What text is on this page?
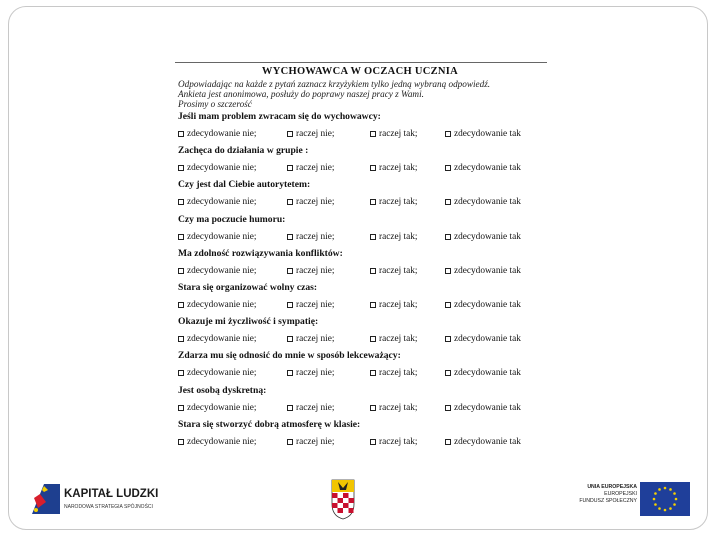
WYCHOWAWCA W OCZACH UCZNIA
Odpowiadając na każde z pytań zaznacz krzyżykiem tylko jedną wybraną odpowiedź.
Ankieta jest anonimowa, posłuży do poprawy naszej pracy z Wami.
Prosimy o szczerość
Jeśli mam problem zwracam się do wychowawcy:
zdecydowanie nie;	raczej nie;	raczej tak;	zdecydowanie tak
Zachęca do działania w grupie :
zdecydowanie nie;	raczej nie;	raczej tak;	zdecydowanie tak
Czy jest dal Ciebie autorytetem:
zdecydowanie nie;	raczej nie;	raczej tak;	zdecydowanie tak
Czy ma poczucie humoru:
zdecydowanie nie;	raczej nie;	raczej tak;	zdecydowanie tak
Ma zdolność rozwiązywania konfliktów:
zdecydowanie nie;	raczej nie;	raczej tak;	zdecydowanie tak
Stara się organizować wolny czas:
zdecydowanie nie;	raczej nie;	raczej tak;	zdecydowanie tak
Okazuje mi życzliwość i sympatię:
zdecydowanie nie;	raczej nie;	raczej tak;	zdecydowanie tak
Zdarza mu się odnosić do mnie w sposób lekceważący:
zdecydowanie nie;	raczej nie;	raczej tak;	zdecydowanie tak
Jest osobą dyskretną:
zdecydowanie nie;	raczej nie;	raczej tak;	zdecydowanie tak
Stara się stworzyć dobrą atmosferę w klasie:
zdecydowanie nie;	raczej nie;	raczej tak;	zdecydowanie tak
KAPITAŁ LUDZKI
NARODOWA STRATEGIA SPÓJNOŚCI
UNIA EUROPEJSKA
EUROPEJSKI
FUNDUSZ SPOŁECZNY
